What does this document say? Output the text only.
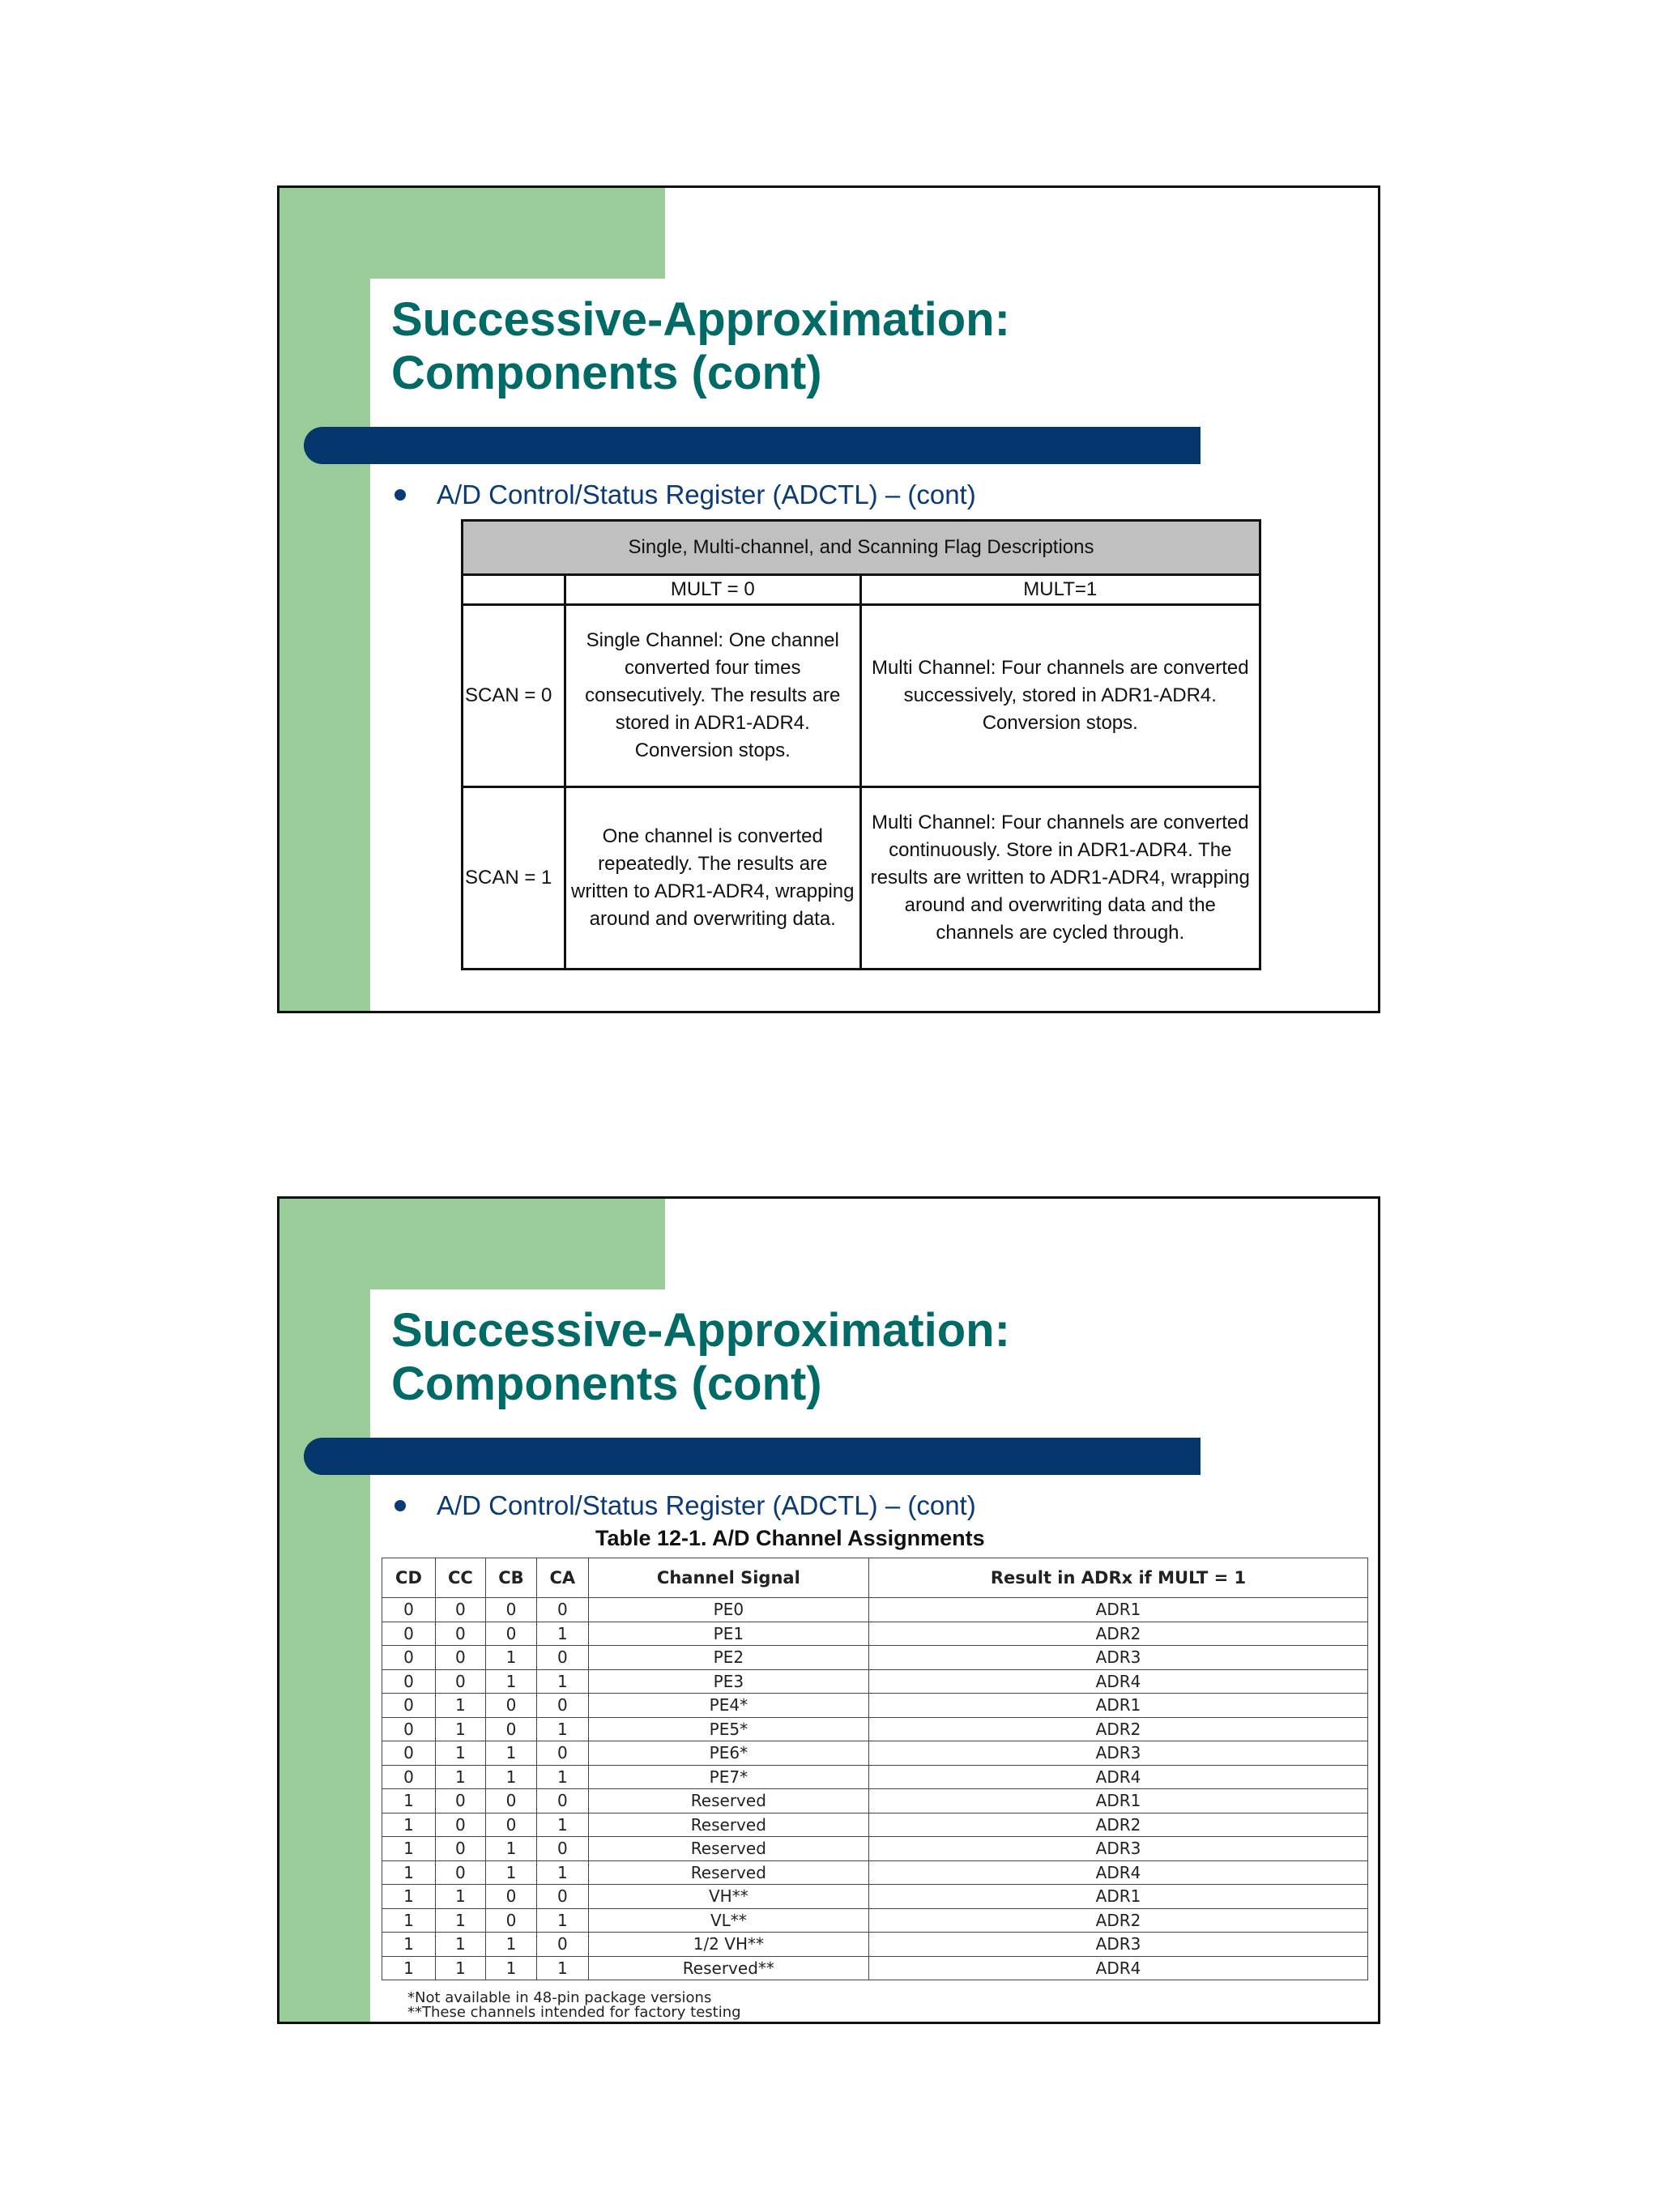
Successive-Approximation:
Components (cont)
A/D Control/Status Register (ADCTL) – (cont)
Single, Multi-channel, and Scanning Flag Descriptions		
	MULT = 0	MULT=1
SCAN = 0	Single Channel: One channel converted four times consecutively. The results are stored in ADR1-ADR4. Conversion stops.	Multi Channel: Four channels are converted successively, stored in ADR1-ADR4. Conversion stops.
SCAN = 1	One channel is converted repeatedly. The results are written to ADR1-ADR4, wrapping around and overwriting data.	Multi Channel: Four channels are converted continuously. Store in ADR1-ADR4. The results are written to ADR1-ADR4, wrapping around and overwriting data and the channels are cycled through.
Successive-Approximation:
Components (cont)
A/D Control/Status Register (ADCTL) – (cont)
Table 12-1. A/D Channel Assignments
CD	CC	CB	CA	Channel Signal	Result in ADRx if MULT = 1
0	0	0	0	PE0	ADR1
0	0	0	1	PE1	ADR2
0	0	1	0	PE2	ADR3
0	0	1	1	PE3	ADR4
0	1	0	0	PE4*	ADR1
0	1	0	1	PE5*	ADR2
0	1	1	0	PE6*	ADR3
0	1	1	1	PE7*	ADR4
1	0	0	0	Reserved	ADR1
1	0	0	1	Reserved	ADR2
1	0	1	0	Reserved	ADR3
1	0	1	1	Reserved	ADR4
1	1	0	0	VH**	ADR1
1	1	0	1	VL**	ADR2
1	1	1	0	1/2 VH**	ADR3
1	1	1	1	Reserved**	ADR4
*Not available in 48-pin package versions
**These channels intended for factory testing
